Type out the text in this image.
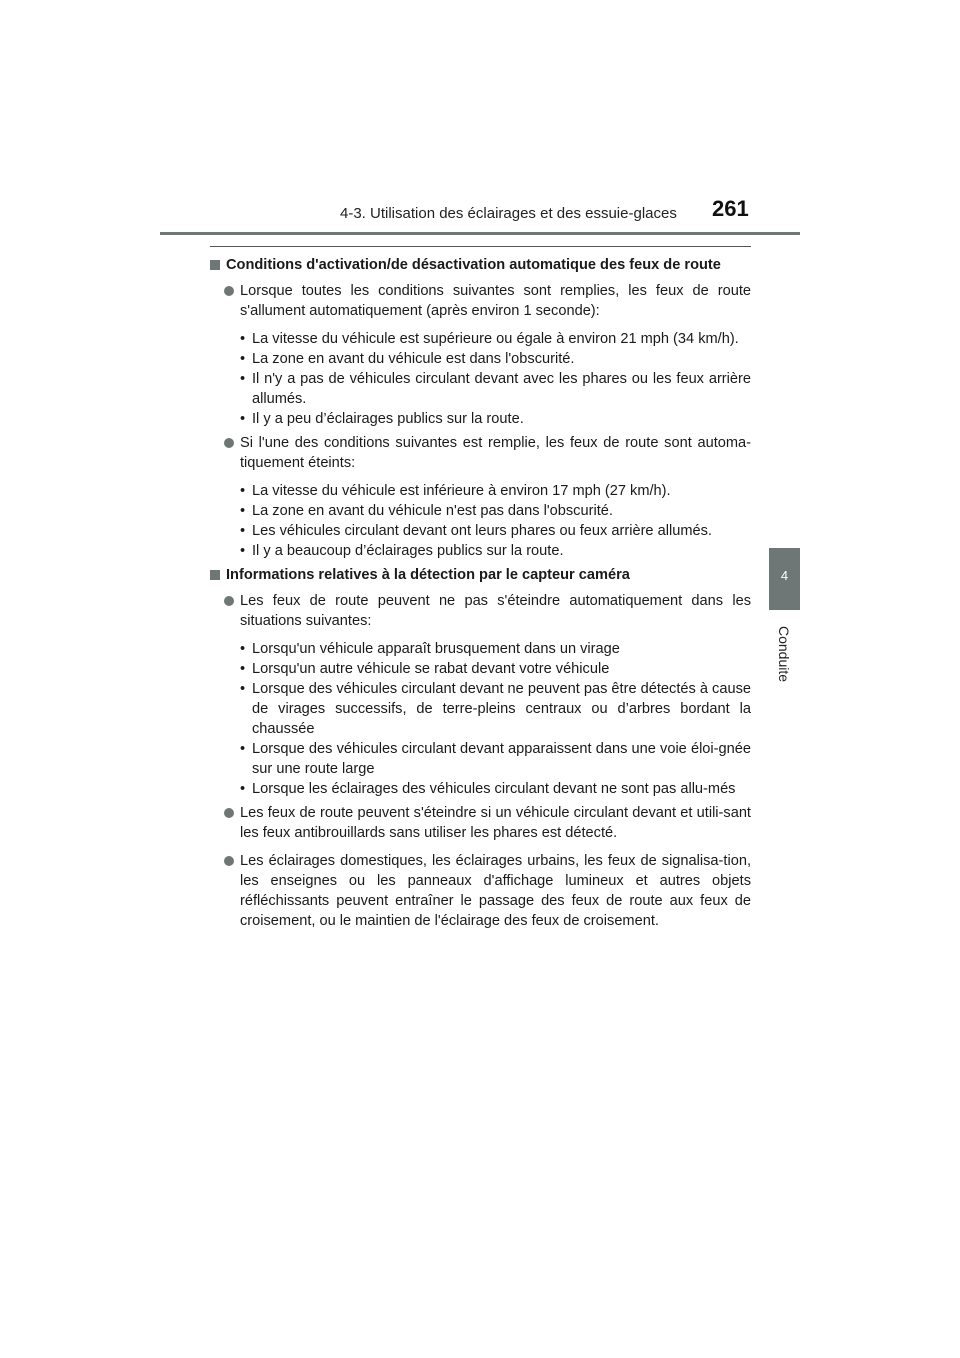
4-3. Utilisation des éclairages et des essuie-glaces 261
4
Conduite
Conditions d'activation/de désactivation automatique des feux de route
Lorsque toutes les conditions suivantes sont remplies, les feux de route s'allument automatiquement (après environ 1 seconde):
• La vitesse du véhicule est supérieure ou égale à environ 21 mph (34 km/h).
• La zone en avant du véhicule est dans l'obscurité.
• Il n'y a pas de véhicules circulant devant avec les phares ou les feux arrière allumés.
• Il y a peu d’éclairages publics sur la route.
Si l'une des conditions suivantes est remplie, les feux de route sont automa-tiquement éteints:
• La vitesse du véhicule est inférieure à environ 17 mph (27 km/h).
• La zone en avant du véhicule n'est pas dans l'obscurité.
• Les véhicules circulant devant ont leurs phares ou feux arrière allumés.
• Il y a beaucoup d’éclairages publics sur la route.
Informations relatives à la détection par le capteur caméra
Les feux de route peuvent ne pas s'éteindre automatiquement dans les situations suivantes:
• Lorsqu'un véhicule apparaît brusquement dans un virage
• Lorsqu'un autre véhicule se rabat devant votre véhicule
• Lorsque des véhicules circulant devant ne peuvent pas être détectés à cause de virages successifs, de terre-pleins centraux ou d’arbres bordant la chaussée
• Lorsque des véhicules circulant devant apparaissent dans une voie éloi-gnée sur une route large
• Lorsque les éclairages des véhicules circulant devant ne sont pas allu-més
Les feux de route peuvent s'éteindre si un véhicule circulant devant et utili-sant les feux antibrouillards sans utiliser les phares est détecté.
Les éclairages domestiques, les éclairages urbains, les feux de signalisa-tion, les enseignes ou les panneaux d'affichage lumineux et autres objets réfléchissants peuvent entraîner le passage des feux de route aux feux de croisement, ou le maintien de l'éclairage des feux de croisement.
